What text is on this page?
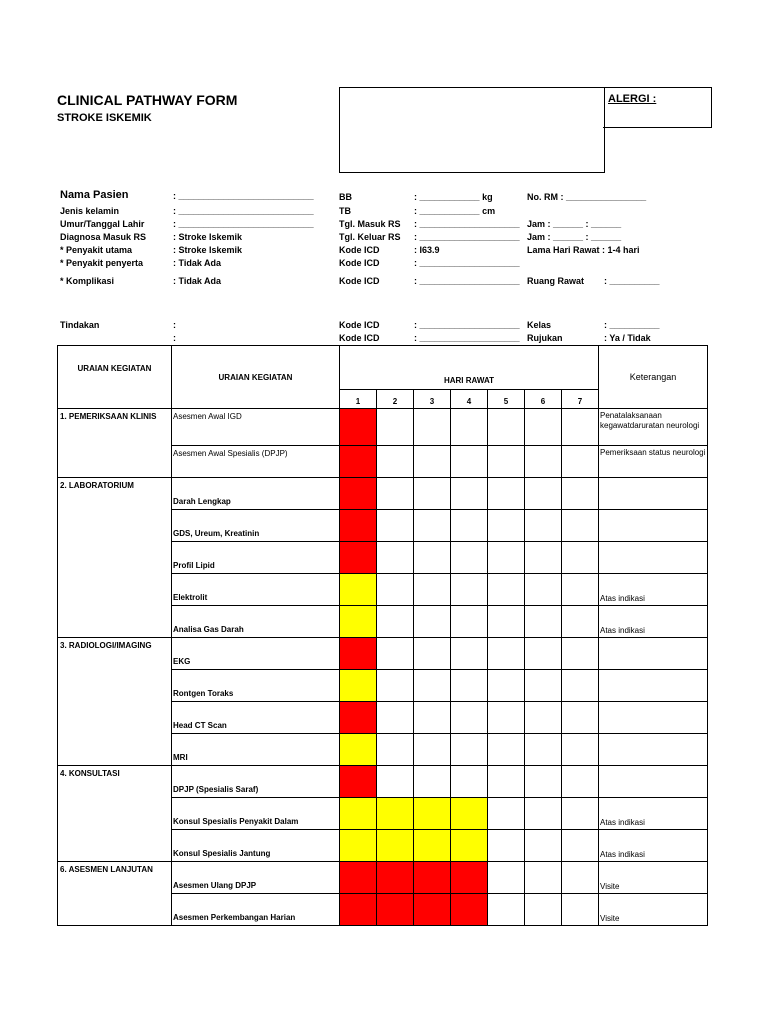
CLINICAL PATHWAY FORM
STROKE ISKEMIK
ALERGI :
Nama Pasien	: ___________________________
Jenis kelamin	: ___________________________
Umur/Tanggal Lahir	: ___________________________
Diagnosa Masuk RS	: Stroke Iskemik
* Penyakit utama	: Stroke Iskemik
* Penyakit penyerta	: Tidak Ada
* Komplikasi	: Tidak Ada
Tindakan	:
:
BB	: ____________ kg
TB	: ____________ cm
Tgl. Masuk RS : ____________________
Tgl. Keluar RS : ____________________
Kode ICD	: I63.9
Kode ICD	: ____________________
Kode ICD	: ____________________
Kode ICD	: ____________________
Kode ICD	: ____________________
No. RM : ________________
Jam : ______ : ______
Jam : ______ : ______
Lama Hari Rawat : 1-4 hari
Ruang Rawat : __________
Kelas	: __________
Rujukan	: Ya / Tidak
URAIAN KEGIATAN	URAIAN KEGIATAN	HARI RAWAT							Keterangan
		1	2	3	4	5	6	7	
1. PEMERIKSAAN KLINIS	Asesmen Awal IGD								Penatalaksanaan kegawatdaruratan neurologi
	Asesmen Awal Spesialis (DPJP)								Pemeriksaan status neurologi
2. LABORATORIUM	Darah Lengkap								
	GDS, Ureum, Kreatinin								
	Profil Lipid								
	Elektrolit								Atas indikasi
	Analisa Gas Darah								Atas indikasi
3. RADIOLOGI/IMAGING	EKG								
	Rontgen Toraks								
	Head CT Scan								
	MRI								
4. KONSULTASI	DPJP (Spesialis Saraf)								
	Konsul Spesialis Penyakit Dalam								Atas indikasi
	Konsul Spesialis Jantung								Atas indikasi
6. ASESMEN LANJUTAN	Asesmen Ulang DPJP								Visite
	Asesmen Perkembangan Harian								Visite
